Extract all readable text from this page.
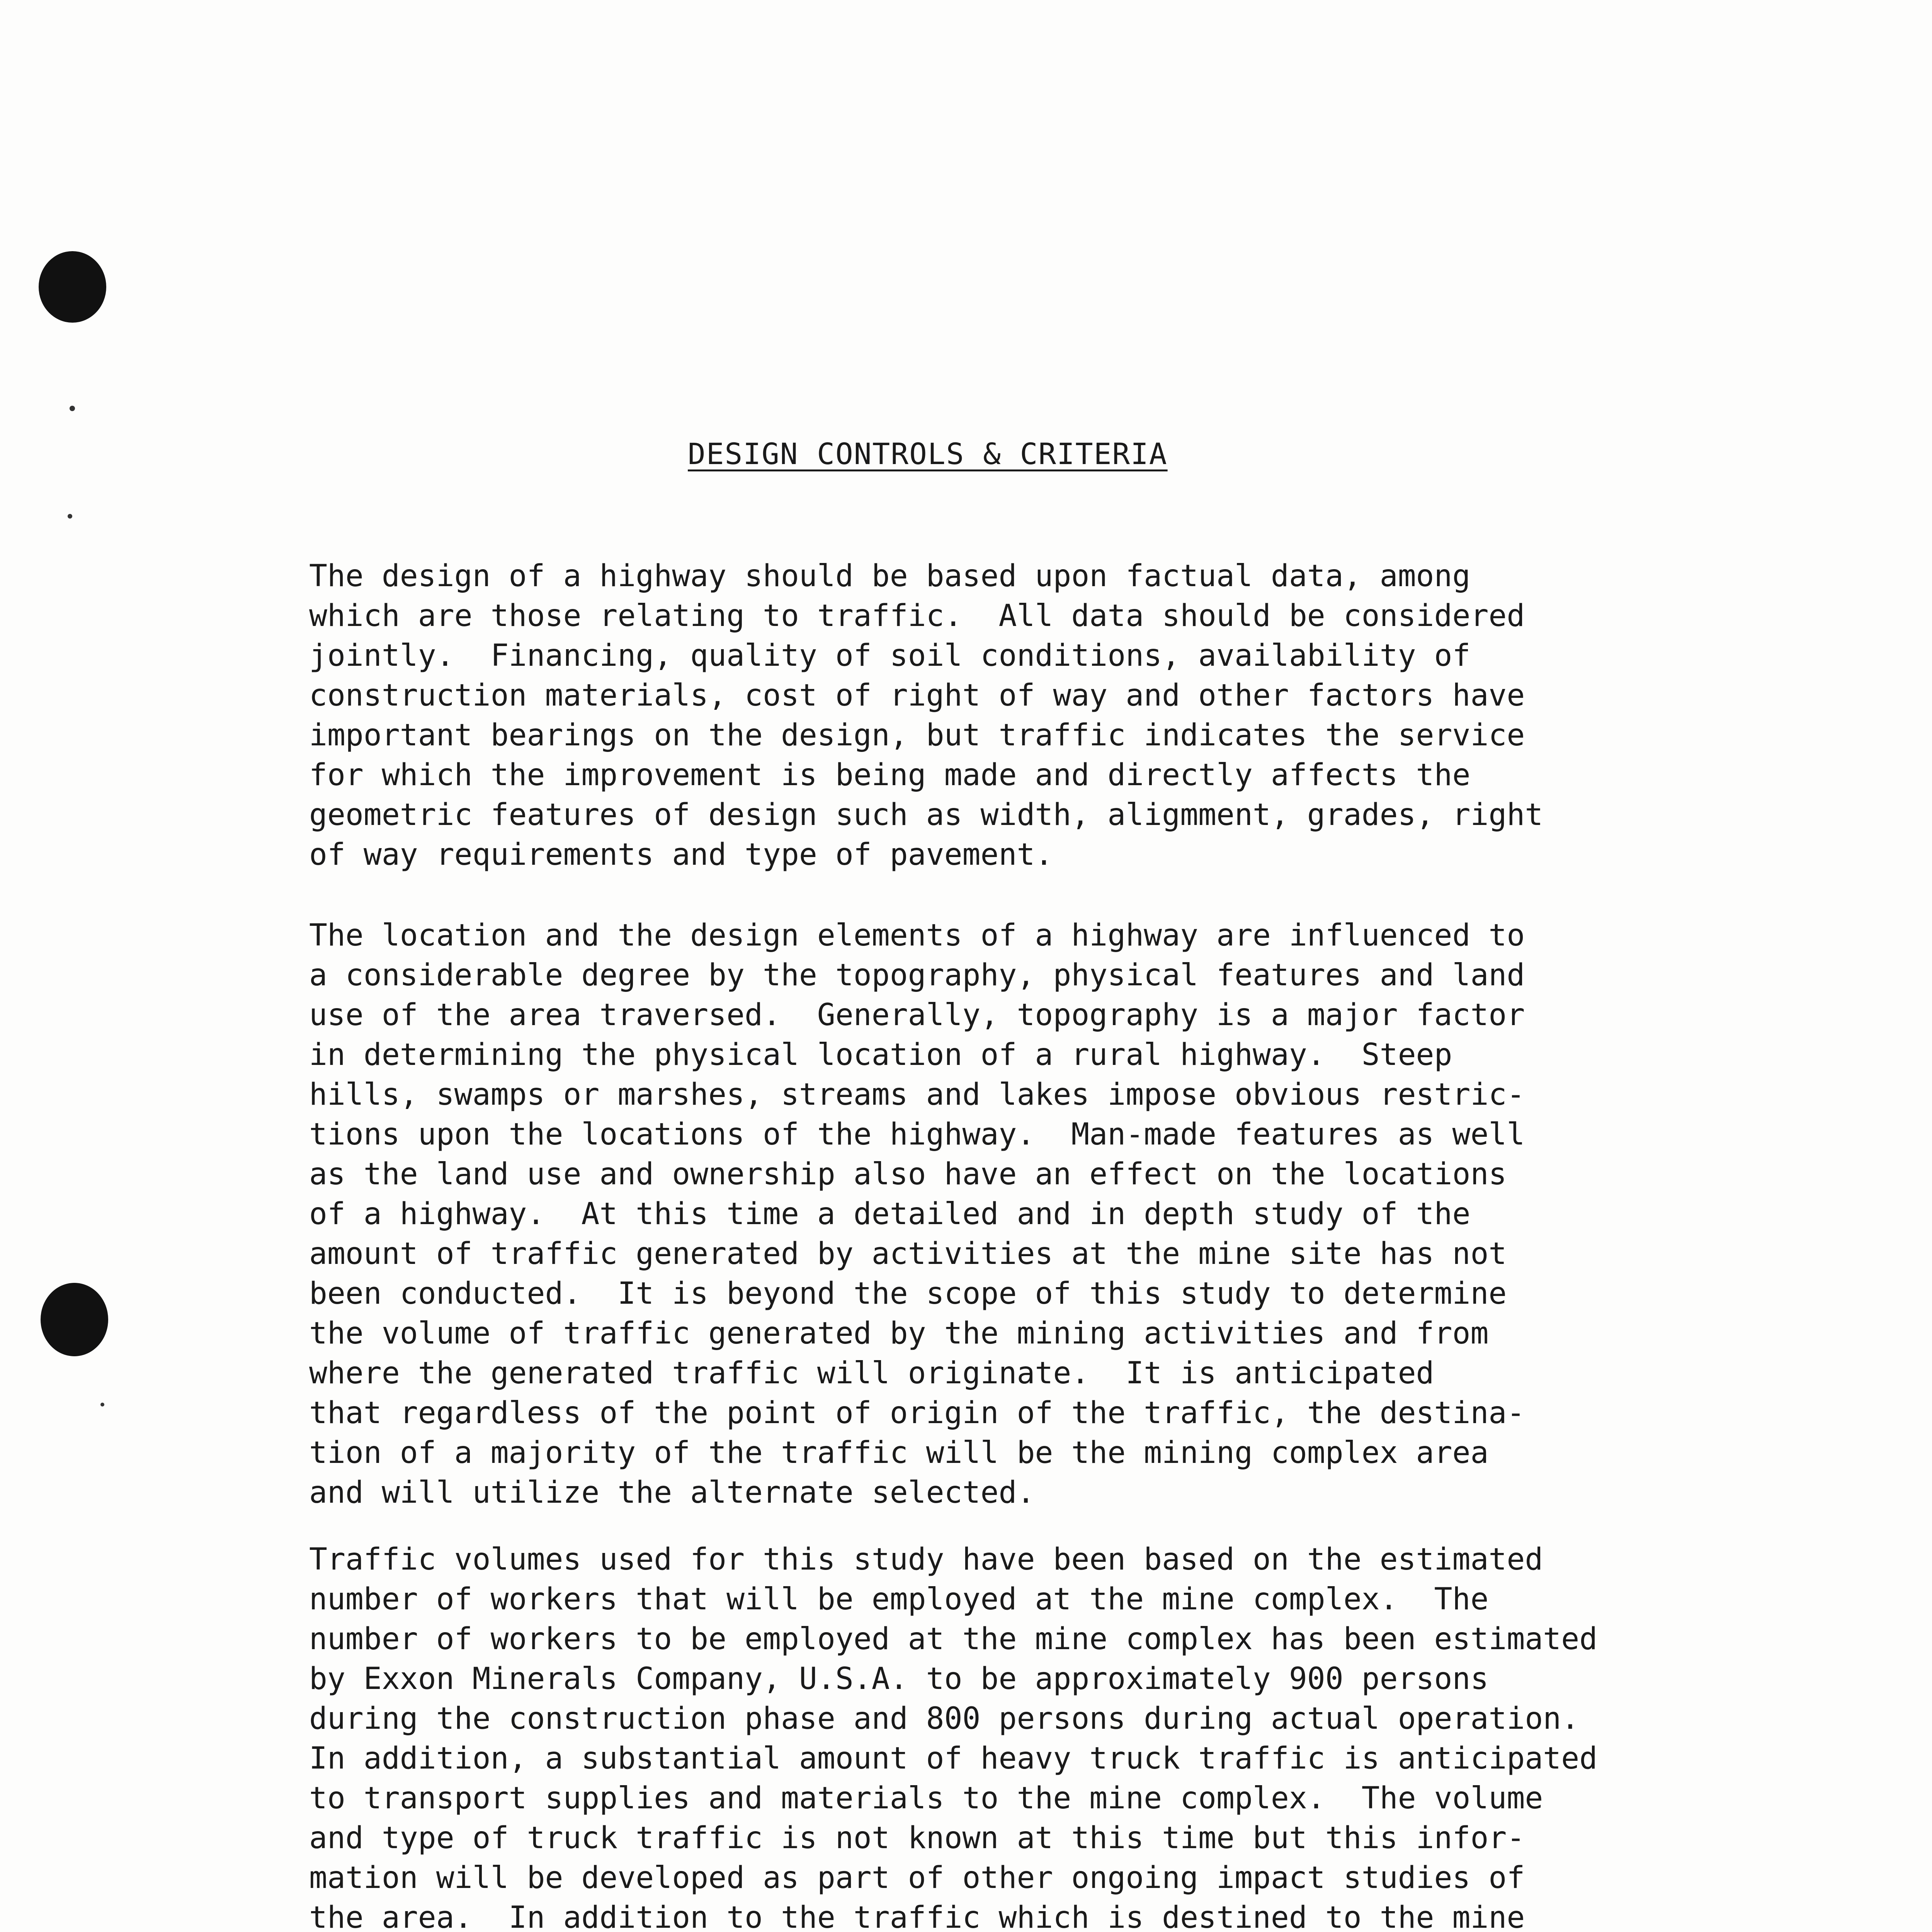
DESIGN CONTROLS & CRITERIA
The design of a highway should be based upon factual data, among
which are those relating to traffic.  All data should be considered
jointly.  Financing, quality of soil conditions, availability of
construction materials, cost of right of way and other factors have
important bearings on the design, but traffic indicates the service
for which the improvement is being made and directly affects the
geometric features of design such as width, aligmment, grades, right
of way requirements and type of pavement.
The location and the design elements of a highway are influenced to
a considerable degree by the topography, physical features and land
use of the area traversed.  Generally, topography is a major factor
in determining the physical location of a rural highway.  Steep
hills, swamps or marshes, streams and lakes impose obvious restric-
tions upon the locations of the highway.  Man-made features as well
as the land use and ownership also have an effect on the locations
of a highway.  At this time a detailed and in depth study of the
amount of traffic generated by activities at the mine site has not
been conducted.  It is beyond the scope of this study to determine
the volume of traffic generated by the mining activities and from
where the generated traffic will originate.  It is anticipated
that regardless of the point of origin of the traffic, the destina-
tion of a majority of the traffic will be the mining complex area
and will utilize the alternate selected.
Traffic volumes used for this study have been based on the estimated
number of workers that will be employed at the mine complex.  The
number of workers to be employed at the mine complex has been estimated
by Exxon Minerals Company, U.S.A. to be approximately 900 persons
during the construction phase and 800 persons during actual operation.
In addition, a substantial amount of heavy truck traffic is anticipated
to transport supplies and materials to the mine complex.  The volume
and type of truck traffic is not known at this time but this infor-
mation will be developed as part of other ongoing impact studies of
the area.  In addition to the traffic which is destined to the mine
